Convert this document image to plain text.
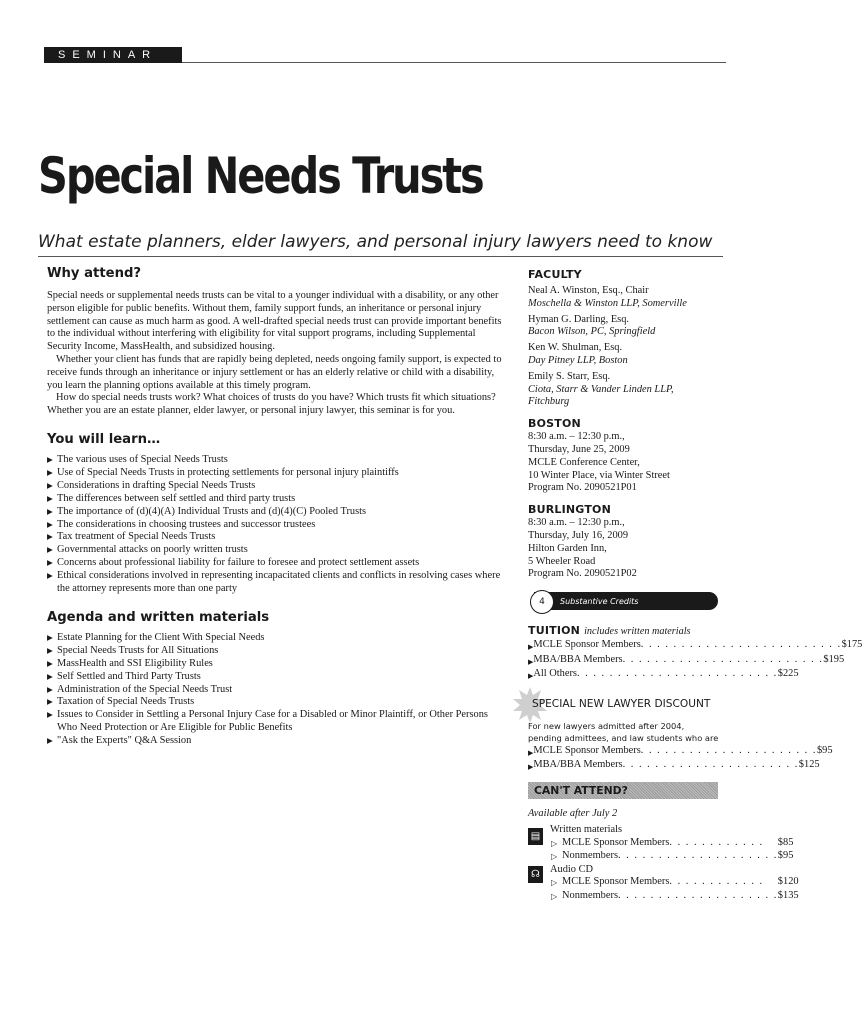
SEMINAR
Special Needs Trusts
What estate planners, elder lawyers, and personal injury lawyers need to know
Why attend?

Special needs or supplemental needs trusts can be vital to a younger individual with a disability, or any other person eligible for public benefits. Without them, family support funds, an inheritance or personal injury settlement can cause as much harm as good. A well-drafted special needs trust can provide important benefits to the individual without interfering with eligibility for vital support programs, including Supplemental Security Income, MassHealth, and subsidized housing.

Whether your client has funds that are rapidly being depleted, needs ongoing family support, is expected to receive funds through an inheritance or injury settlement or has an elderly relative or child with a disability, you learn the planning options available at this timely program.

How do special needs trusts work? What choices of trusts do you have? Which trusts fit which situations? Whether you are an estate planner, elder lawyer, or personal injury lawyer, this seminar is for you.

You will learn…
▶ The various uses of Special Needs Trusts
▶ Use of Special Needs Trusts in protecting settlements for personal injury plaintiffs
▶ Considerations in drafting Special Needs Trusts
▶ The differences between self settled and third party trusts
▶ The importance of (d)(4)(A) Individual Trusts and (d)(4)(C) Pooled Trusts
▶ The considerations in choosing trustees and successor trustees
▶ Tax treatment of Special Needs Trusts
▶ Governmental attacks on poorly written trusts
▶ Concerns about professional liability for failure to foresee and protect settlement assets
▶ Ethical considerations involved in representing incapacitated clients and conflicts in resolving cases where the attorney represents more than one party
Agenda and written materials
▶ Estate Planning for the Client With Special Needs
▶ Special Needs Trusts for All Situations
▶ MassHealth and SSI Eligibility Rules
▶ Self Settled and Third Party Trusts
▶ Administration of the Special Needs Trust
▶ Taxation of Special Needs Trusts
▶ Issues to Consider in Settling a Personal Injury Case for a Disabled or Minor Plaintiff, or Other Persons Who Need Protection or Are Eligible for Public Benefits
▶ "Ask the Experts" Q&A Session

FACULTY

Neal A. Winston, Esq., Chair

Moschella & Winston LLP, Somerville

Hyman G. Darling, Esq.

Bacon Wilson, PC, Springfield

Ken W. Shulman, Esq.

Day Pitney LLP, Boston

Emily S. Starr, Esq.

Ciota, Starr & Vander Linden LLP,

Fitchburg

BOSTON

8:30 a.m. – 12:30 p.m.,

Thursday, June 25, 2009

MCLE Conference Center,

10 Winter Place, via Winter Street

Program No. 2090521P01

BURLINGTON

8:30 a.m. – 12:30 p.m.,

Thursday, July 16, 2009

Hilton Garden Inn,

5 Wheeler Road

Program No. 2090521P02

4	Substantive Credits

TUITION includes written materials

▶ MCLE Sponsor Members . . . . . . . . . . . . . . . . . . . . . . . . . $175
▶ MBA/BBA Members . . . . . . . . . . . . . . . . . . . . . . . . . $195
▶ All Others . . . . . . . . . . . . . . . . . . . . . . . . . $225

SPECIAL NEW LAWYER DISCOUNT

For new lawyers admitted after 2004,

pending admittees, and law students who are

▶ MCLE Sponsor Members . . . . . . . . . . . . . . . . . . . . . . $95
▶ MBA/BBA Members . . . . . . . . . . . . . . . . . . . . . . $125
CAN'T ATTEND?

Available after July 2

▤

Written materials

▷ MCLE Sponsor Members . . . . . . . . . . . .	$85
▷ Nonmembers . . . . . . . . . . . . . . . . . . . . $95
☊ Audio CD

▷ MCLE Sponsor Members . . . . . . . . . . . .	$120
▷ Nonmembers . . . . . . . . . . . . . . . . . . . . $135
